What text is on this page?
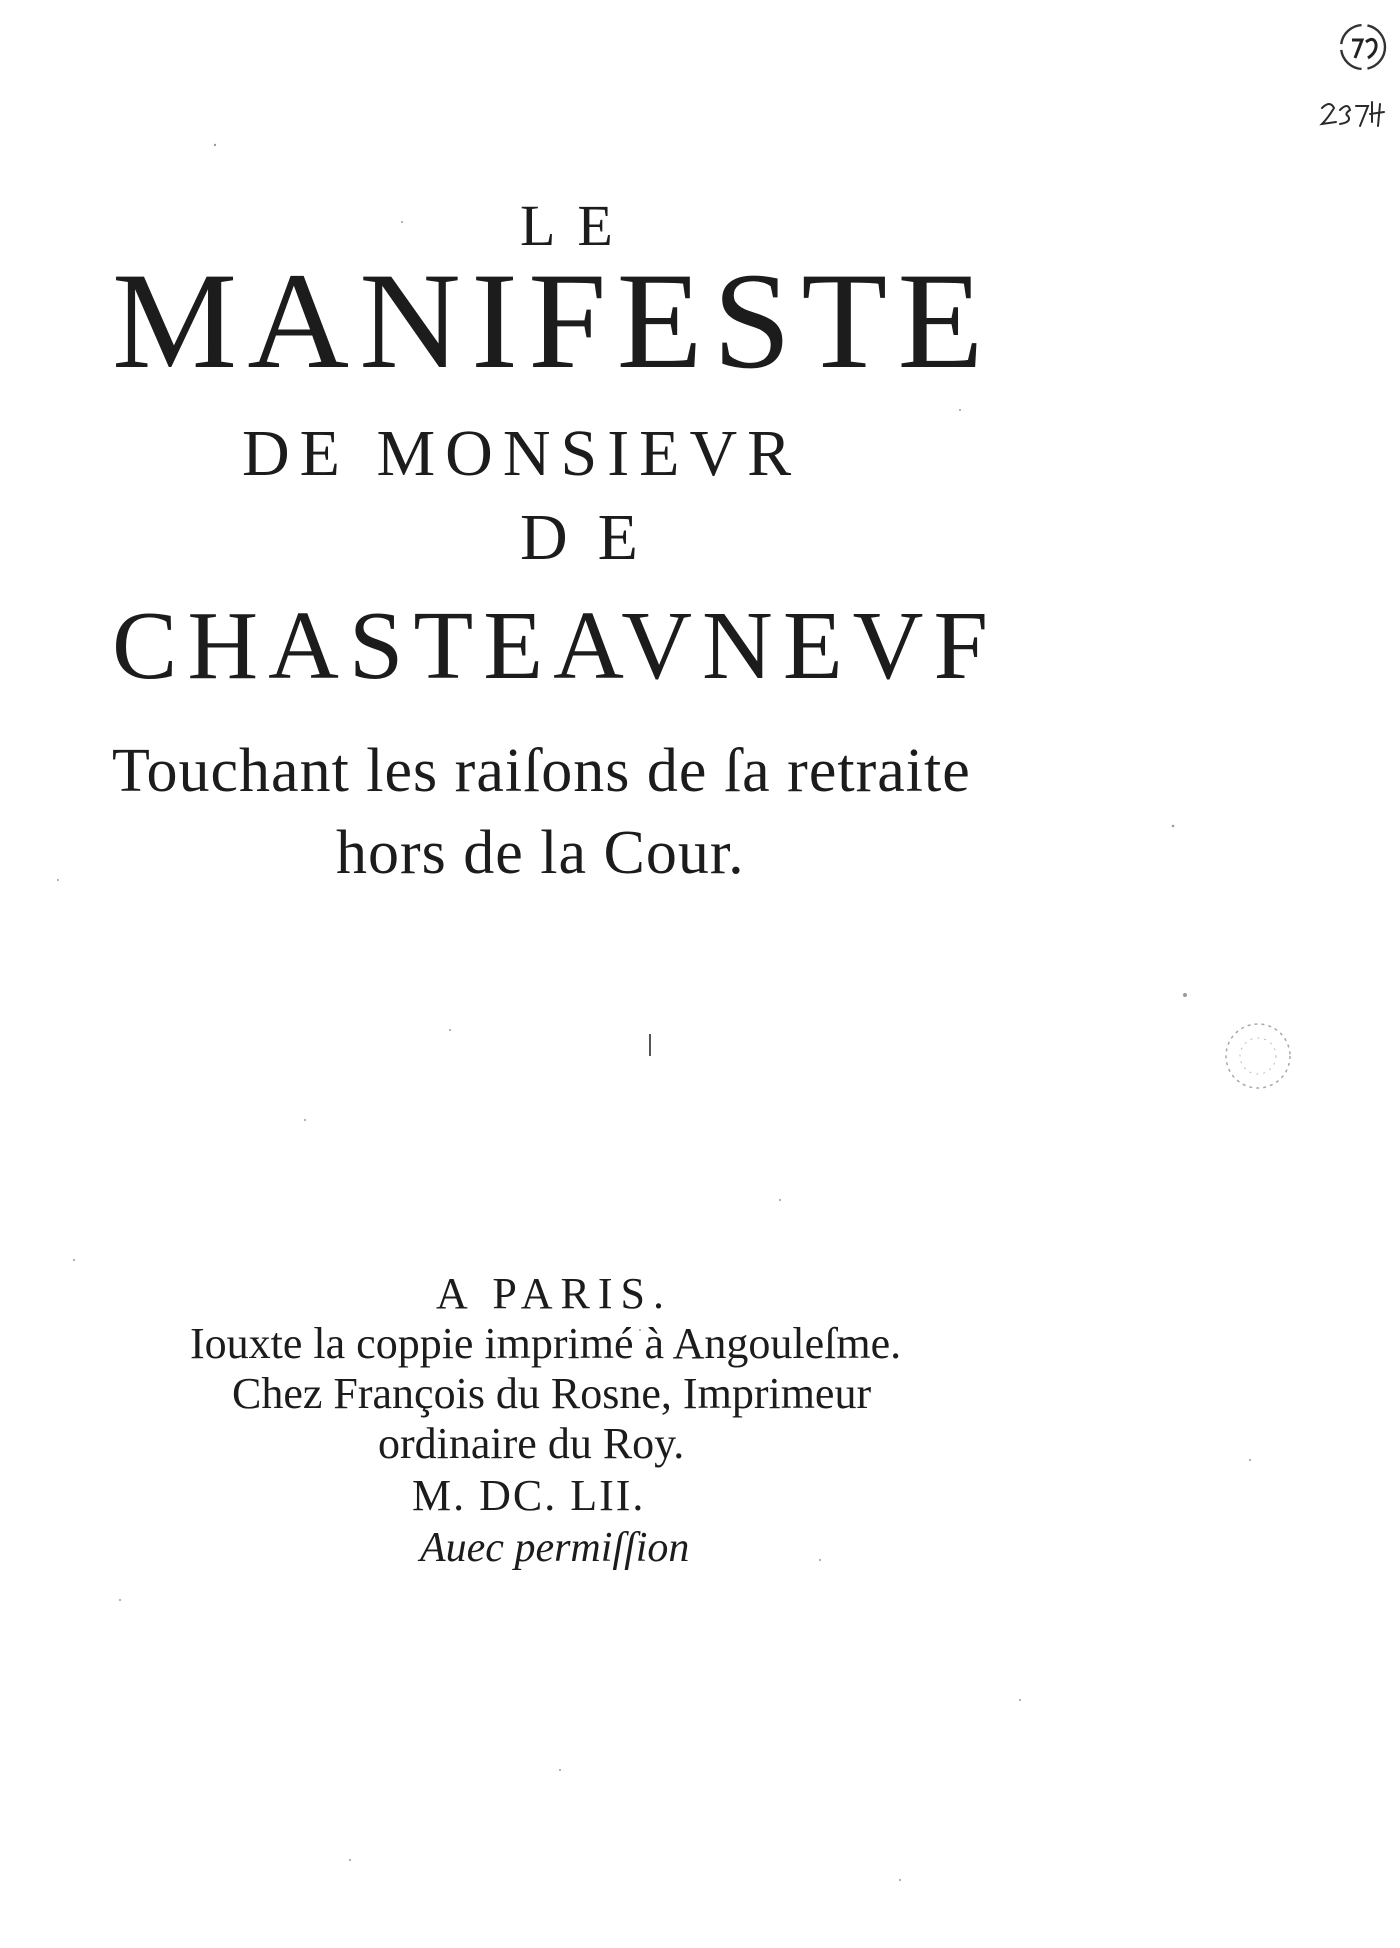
LE
MANIFESTE
DE MONSIEVR
DE
CHASTEAVNEVF
Touchant les raiſons de ſa retraite
hors de la Cour.
A PARIS.
Iouxte la coppie imprimé à Angouleſme.
Chez François du Rosne, Imprimeur
ordinaire du Roy.
M. DC. LII.
Auec permiſſion
